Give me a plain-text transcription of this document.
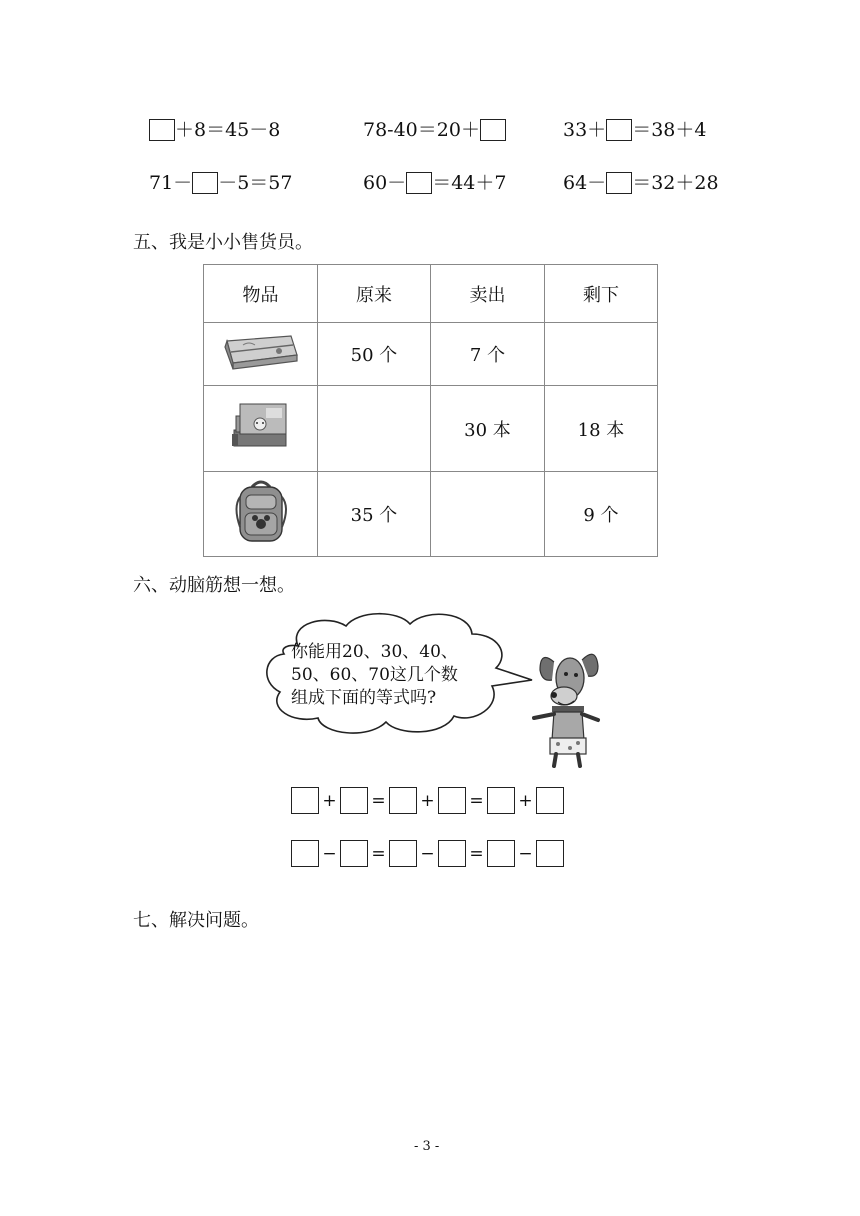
＋8＝45－8	78-40＝20＋	33＋ ＝38＋4
71－ －5＝57	60－ ＝44＋7	64－ ＝32＋28
五、我是小小售货员。
物品	原来	卖出	剩下
	50 个	7 个	
		30 本	18 本
	35 个		9 个
六、动脑筋想一想。
你能用20、30、40、
50、60、70这几个数
组成下面的等式吗?
+ = + = +
− = − = −
七、解决问题。
- 3 -
